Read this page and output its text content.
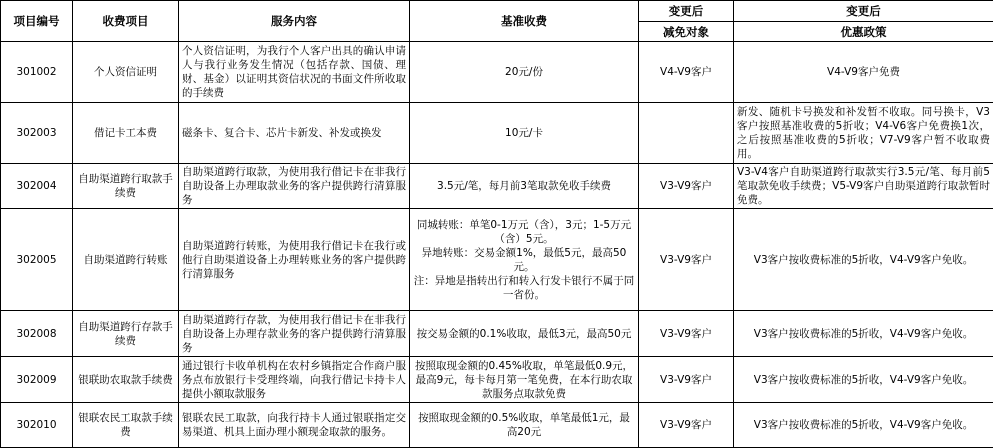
项目编号	收费项目	服务内容	基准收费	变更后	变更后
				减免对象	优惠政策
301002	个人资信证明	个人资信证明，为我行个人客户出具的确认申请人与我行业务发生情况（包括存款、国债、理财、基金）以证明其资信状况的书面文件所收取的手续费	20元/份	V4-V9客户	V4-V9客户免费
302003	借记卡工本费	磁条卡、复合卡、芯片卡新发、补发或换发	10元/卡		新发、随机卡号换发和补发暂不收取。同号换卡，V3客户按照基准收费的5折收；V4-V6客户免费换1次，之后按照基准收费的5折收；V7-V9客户暂不收取费用。
302004	自助渠道跨行取款手续费	自助渠道跨行取款，为使用我行借记卡在非我行自助设备上办理取款业务的客户提供跨行清算服务	3.5元/笔，每月前3笔取款免收手续费	V3-V9客户	V3-V4客户自助渠道跨行取款实行3.5元/笔、每月前5笔取款免收手续费；V5-V9客户自助渠道跨行取款暂时免费。
302005	自助渠道跨行转账	自助渠道跨行转账，为使用我行借记卡在我行或他行自助渠道设备上办理转账业务的客户提供跨行清算服务	同城转账：单笔0-1万元（含），3元；1-5万元（含）5元。
异地转账：交易金额1%，最低5元，最高50元。
注：异地是指转出行和转入行发卡银行不属于同一省份。	V3-V9客户	V3客户按收费标准的5折收，V4-V9客户免收。
302008	自助渠道跨行存款手续费	自助渠道跨行存款，为使用我行借记卡在非我行自助设备上办理存款业务的客户提供跨行清算服务	按交易金额的0.1%收取，最低3元，最高50元	V3-V9客户	V3客户按收费标准的5折收，V4-V9客户免收。
302009	银联助农取款手续费	通过银行卡收单机构在农村乡镇指定合作商户服务点布放银行卡受理终端，向我行借记卡持卡人提供小额取款服务	按照取现金额的0.45%收取，单笔最低0.9元，最高9元，每卡每月第一笔免费，在本行助农取款服务点取款免费	V3-V9客户	V3客户按收费标准的5折收，V4-V9客户免收。
302010	银联农民工取款手续费	银联农民工取款，向我行持卡人通过银联指定交易渠道、机具上面办理小额现金取款的服务。	按照取现金额的0.5%收取，单笔最低1元，最高20元	V3-V9客户	V3客户按收费标准的5折收，V4-V9客户免收。
